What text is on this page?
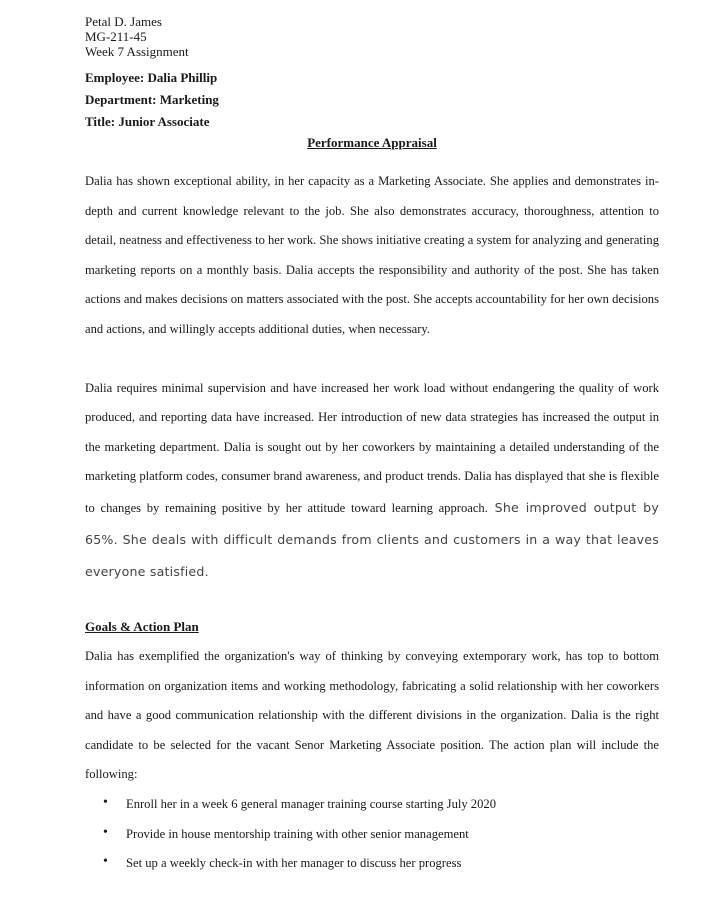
Petal D. James
MG-211-45
Week 7 Assignment
Employee: Dalia Phillip
Department: Marketing
Title: Junior Associate
Performance Appraisal

Dalia has shown exceptional ability, in her capacity as a Marketing Associate. She applies and demonstrates in-depth and current knowledge relevant to the job. She also demonstrates accuracy, thoroughness, attention to detail, neatness and effectiveness to her work. She shows initiative creating a system for analyzing and generating marketing reports on a monthly basis. Dalia accepts the responsibility and authority of the post. She has taken actions and makes decisions on matters associated with the post. She accepts accountability for her own decisions and actions, and willingly accepts additional duties, when necessary.

Dalia requires minimal supervision and have increased her work load without endangering the quality of work produced, and reporting data have increased. Her introduction of new data strategies has increased the output in the marketing department. Dalia is sought out by her coworkers by maintaining a detailed understanding of the marketing platform codes, consumer brand awareness, and product trends. Dalia has displayed that she is flexible to changes by remaining positive by her attitude toward learning approach. She improved output by 65%. She deals with difficult demands from clients and customers in a way that leaves everyone satisfied.

Goals & Action Plan

Dalia has exemplified the organization's way of thinking by conveying extemporary work, has top to bottom information on organization items and working methodology, fabricating a solid relationship with her coworkers and have a good communication relationship with the different divisions in the organization. Dalia is the right candidate to be selected for the vacant Senor Marketing Associate position. The action plan will include the following:

• Enroll her in a week 6 general manager training course starting July 2020
• Provide in house mentorship training with other senior management
• Set up a weekly check-in with her manager to discuss her progress
